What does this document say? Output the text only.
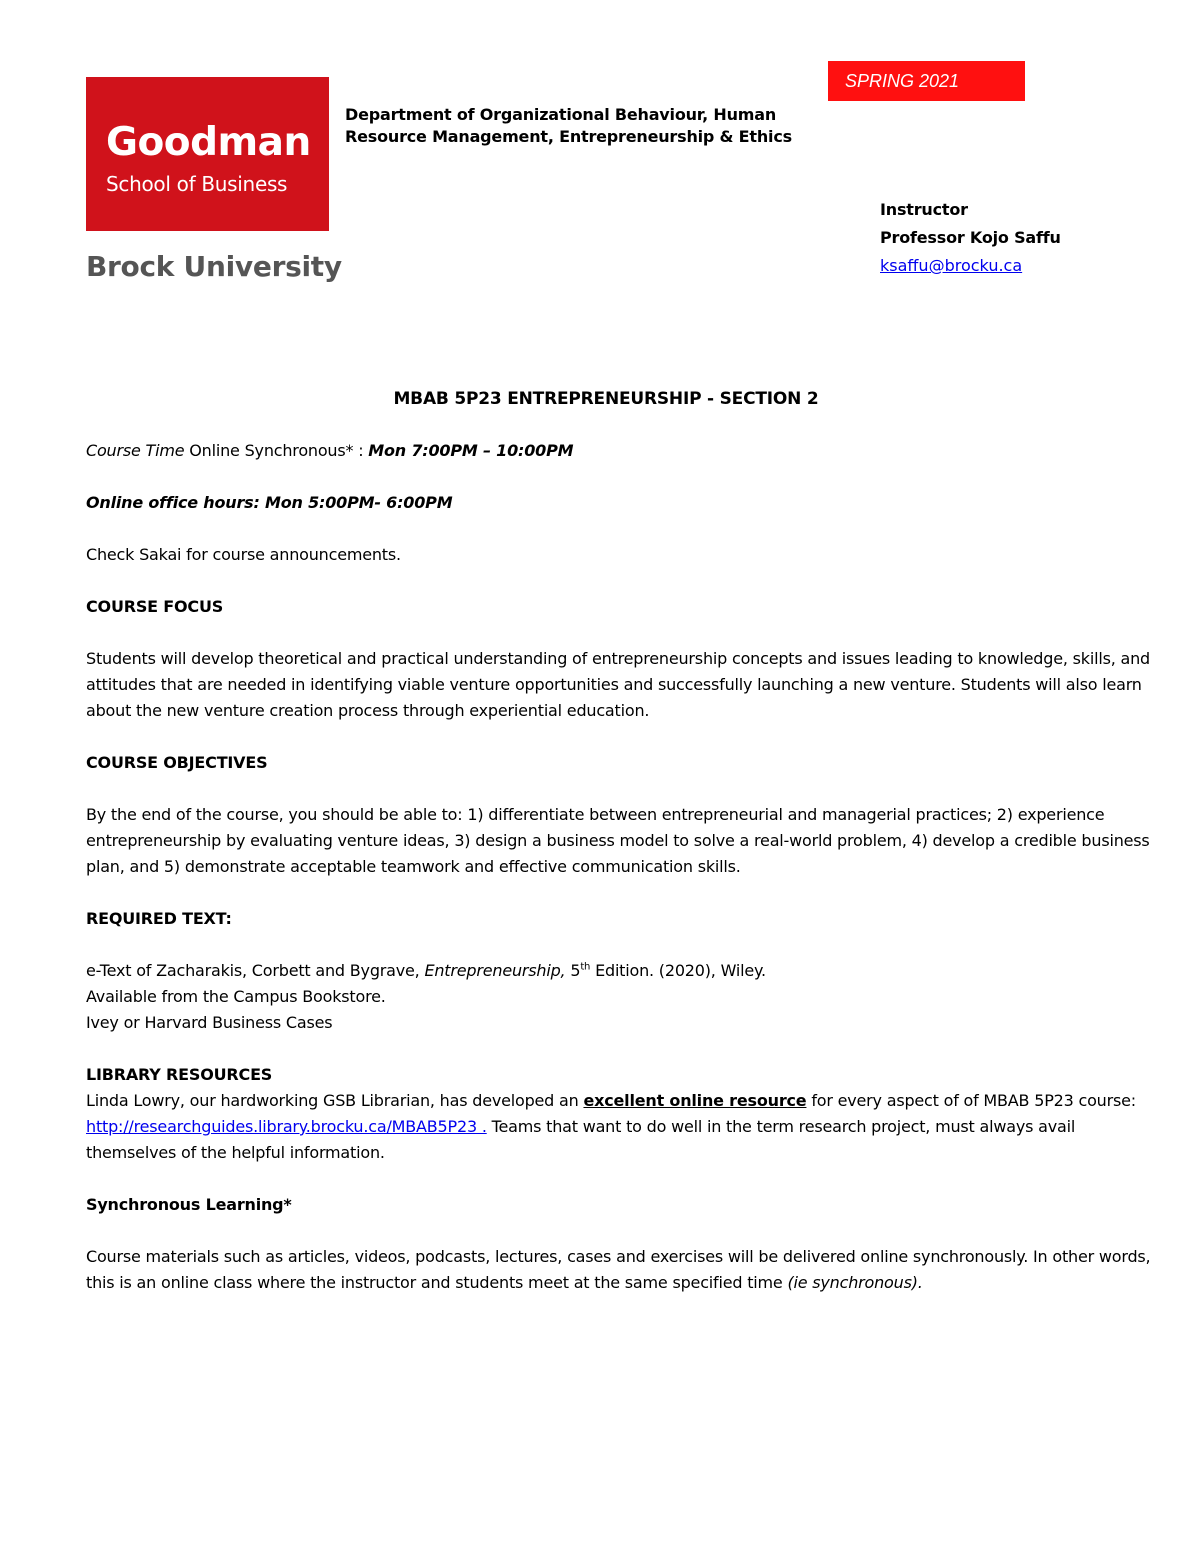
Goodman
School of Business
Brock University
Department of Organizational Behaviour, Human
Resource Management, Entrepreneurship & Ethics
SPRING 2021
Instructor
Professor Kojo Saffu
ksaffu@brocku.ca

MBAB 5P23 ENTREPRENEURSHIP - SECTION 2

Course Time Online Synchronous* : Mon 7:00PM – 10:00PM

Online office hours: Mon 5:00PM- 6:00PM

Check Sakai for course announcements.

COURSE FOCUS

Students will develop theoretical and practical understanding of entrepreneurship concepts and issues leading to knowledge, skills, and attitudes that are needed in identifying viable venture opportunities and successfully launching a new venture. Students will also learn about the new venture creation process through experiential education.

COURSE OBJECTIVES

By the end of the course, you should be able to: 1) differentiate between entrepreneurial and managerial practices; 2) experience entrepreneurship by evaluating venture ideas, 3) design a business model to solve a real-world problem, 4) develop a credible business plan, and 5) demonstrate acceptable teamwork and effective communication skills.

REQUIRED TEXT:

e-Text of Zacharakis, Corbett and Bygrave, Entrepreneurship, 5th Edition. (2020), Wiley.

Available from the Campus Bookstore.

Ivey or Harvard Business Cases

LIBRARY RESOURCES

Linda Lowry, our hardworking GSB Librarian, has developed an excellent online resource for every aspect of of MBAB 5P23 course: http://researchguides.library.brocku.ca/MBAB5P23 . Teams that want to do well in the term research project, must always avail themselves of the helpful information.

Synchronous Learning*

Course materials such as articles, videos, podcasts, lectures, cases and exercises will be delivered online synchronously. In other words, this is an online class where the instructor and students meet at the same specified time (ie synchronous).
